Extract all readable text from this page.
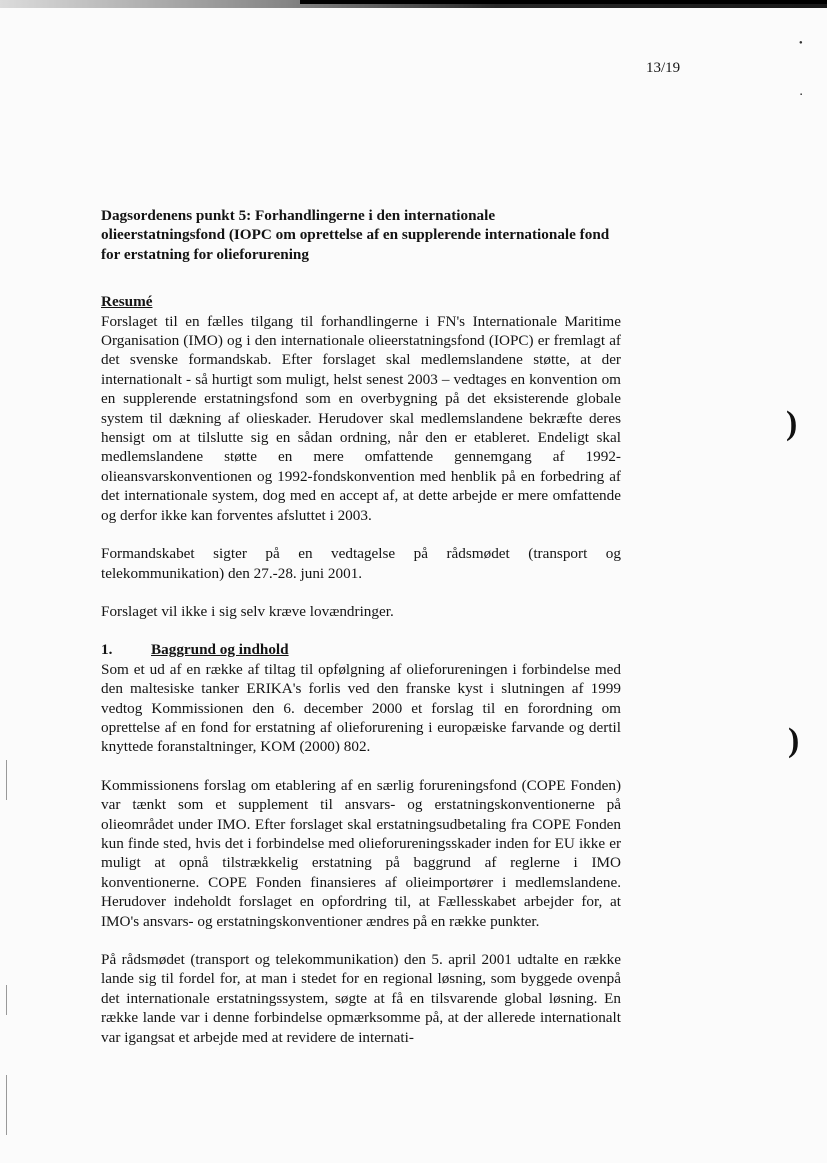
●
▪
)
)
13/19

Dagsordenens punkt 5: Forhandlingerne i den internationale olieerstatningsfond (IOPC om oprettelse af en supplerende internationale fond for erstatning for olieforurening

Resumé

Forslaget til en fælles tilgang til forhandlingerne i FN's Internationale Maritime Organisation (IMO) og i den internationale olieerstatningsfond (IOPC) er fremlagt af det svenske formandskab. Efter forslaget skal medlemslandene støtte, at der internationalt - så hurtigt som muligt, helst senest 2003 – vedtages en konvention om en supplerende erstatningsfond som en overbygning på det eksisterende globale system til dækning af olieskader. Herudover skal medlemslandene bekræfte deres hensigt om at tilslutte sig en sådan ordning, når den er etableret. Endeligt skal medlemslandene støtte en mere omfattende gennemgang af 1992-olieansvarskonventionen og 1992-fondskonvention med henblik på en forbedring af det internationale system, dog med en accept af, at dette arbejde er mere omfattende og derfor ikke kan forventes afsluttet i 2003.

Formandskabet sigter på en vedtagelse på rådsmødet (transport og telekommunikation) den 27.-28. juni 2001.

Forslaget vil ikke i sig selv kræve lovændringer.

1.	Baggrund og indhold

Som et ud af en række af tiltag til opfølgning af olieforureningen i forbindelse med den maltesiske tanker ERIKA's forlis ved den franske kyst i slutningen af 1999 vedtog Kommissionen den 6. december 2000 et forslag til en forordning om oprettelse af en fond for erstatning af olieforurening i europæiske farvande og dertil knyttede foranstaltninger, KOM (2000) 802.

Kommissionens forslag om etablering af en særlig forureningsfond (COPE Fonden) var tænkt som et supplement til ansvars- og erstatningskonventionerne på olieområdet under IMO. Efter forslaget skal erstatningsudbetaling fra COPE Fonden kun finde sted, hvis det i forbindelse med olieforureningsskader inden for EU ikke er muligt at opnå tilstrækkelig erstatning på baggrund af reglerne i IMO konventionerne. COPE Fonden finansieres af olieimportører i medlemslandene. Herudover indeholdt forslaget en opfordring til, at Fællesskabet arbejder for, at IMO's ansvars- og erstatningskonventioner ændres på en række punkter.

På rådsmødet (transport og telekommunikation) den 5. april 2001 udtalte en række lande sig til fordel for, at man i stedet for en regional løsning, som byggede ovenpå det internationale erstatningssystem, søgte at få en tilsvarende global løsning. En række lande var i denne forbindelse opmærksomme på, at der allerede internationalt var igangsat et arbejde med at revidere de internati-
